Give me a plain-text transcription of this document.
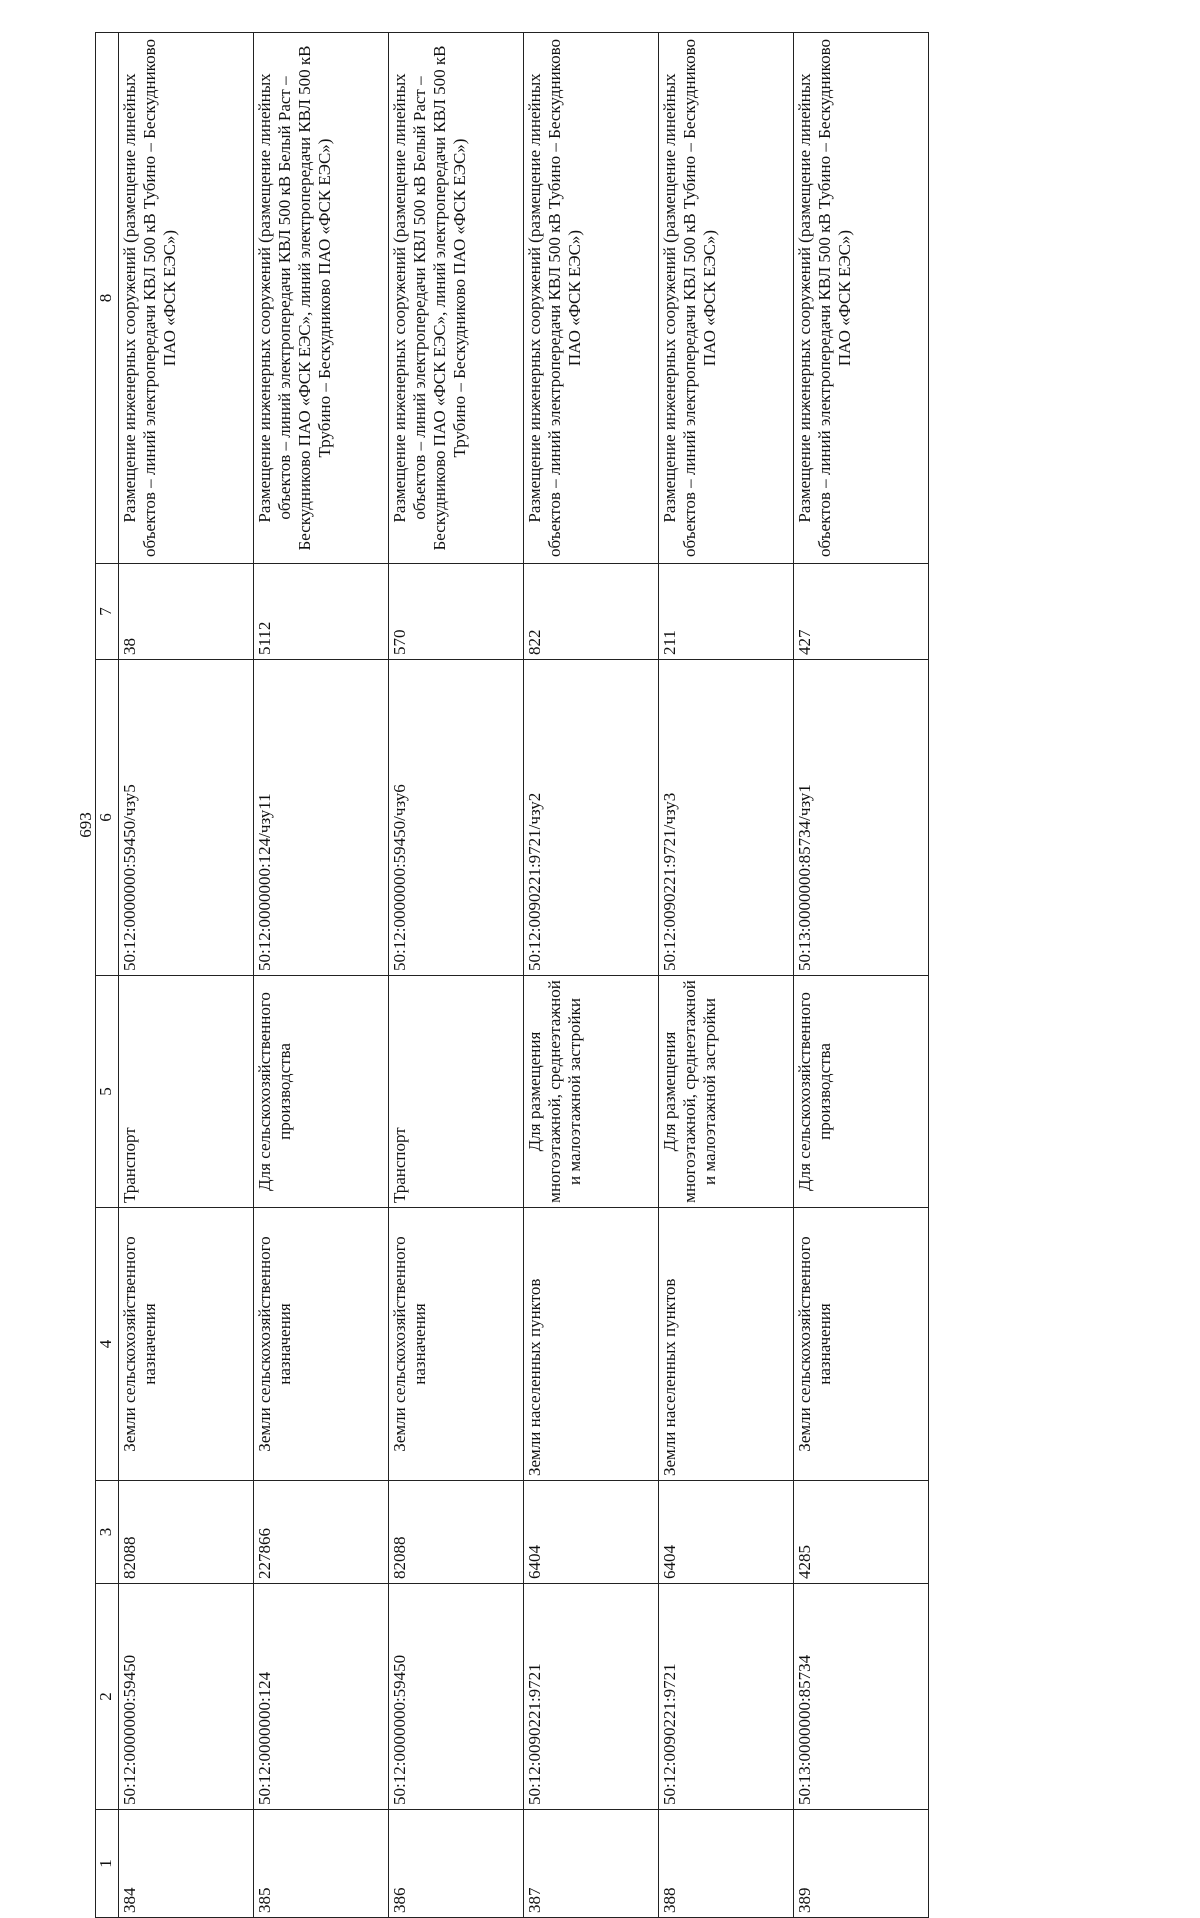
693
1	2	3	4	5	6	7	8
384	50:12:0000000:59450	82088	Земли сельскохозяйственного назначения	Транспорт	50:12:0000000:59450/чзу5	38	Размещение инженерных сооружений (размещение линейных объектов – линий электропередачи КВЛ 500 кВ Тубино – Бескудниково ПАО «ФСК ЕЭС»)
385	50:12:0000000:124	227866	Земли сельскохозяйственного назначения	Для сельскохозяйственного производства	50:12:0000000:124/чзу11	5112	Размещение инженерных сооружений (размещение линейных объектов – линий электропередачи КВЛ 500 кВ Белый Раст – Бескудниково ПАО «ФСК ЕЭС», линий электропередачи КВЛ 500 кВ Трубино – Бескудниково ПАО «ФСК ЕЭС»)
386	50:12:0000000:59450	82088	Земли сельскохозяйственного назначения	Транспорт	50:12:0000000:59450/чзу6	570	Размещение инженерных сооружений (размещение линейных объектов – линий электропередачи КВЛ 500 кВ Белый Раст – Бескудниково ПАО «ФСК ЕЭС», линий электропередачи КВЛ 500 кВ Трубино – Бескудниково ПАО «ФСК ЕЭС»)
387	50:12:0090221:9721	6404	Земли населенных пунктов	Для размещения многоэтажной, среднеэтажной и малоэтажной застройки	50:12:0090221:9721/чзу2	822	Размещение инженерных сооружений (размещение линейных объектов – линий электропередачи КВЛ 500 кВ Тубино – Бескудниково ПАО «ФСК ЕЭС»)
388	50:12:0090221:9721	6404	Земли населенных пунктов	Для размещения многоэтажной, среднеэтажной и малоэтажной застройки	50:12:0090221:9721/чзу3	211	Размещение инженерных сооружений (размещение линейных объектов – линий электропередачи КВЛ 500 кВ Тубино – Бескудниково ПАО «ФСК ЕЭС»)
389	50:13:0000000:85734	4285	Земли сельскохозяйственного назначения	Для сельскохозяйственного производства	50:13:0000000:85734/чзу1	427	Размещение инженерных сооружений (размещение линейных объектов – линий электропередачи КВЛ 500 кВ Тубино – Бескудниково ПАО «ФСК ЕЭС»)
